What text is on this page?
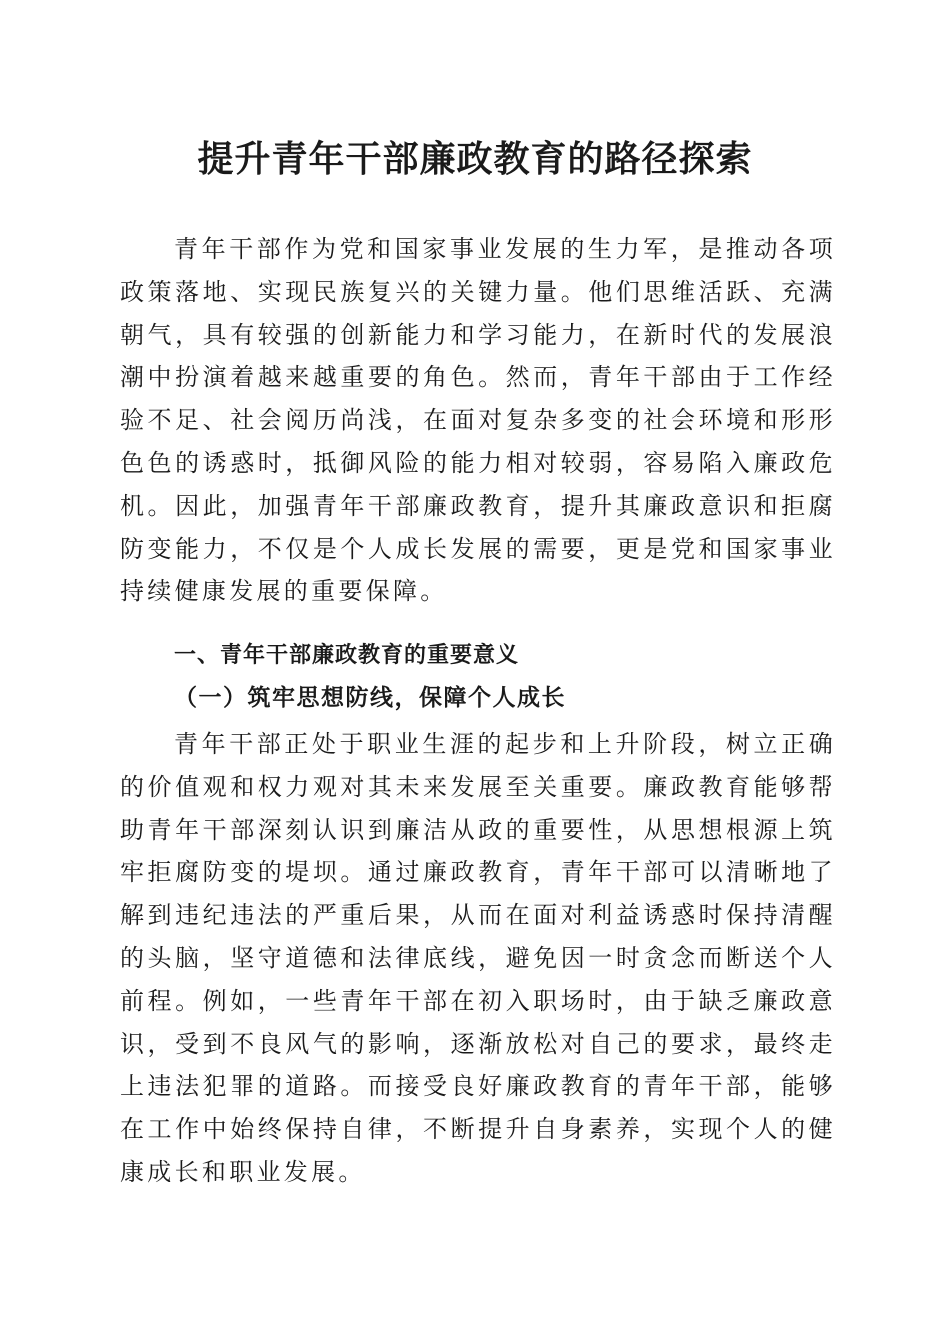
提升青年干部廉政教育的路径探索

青年干部作为党和国家事业发展的生力军，是推动各项政策落地、实现民族复兴的关键力量。他们思维活跃、充满朝气，具有较强的创新能力和学习能力，在新时代的发展浪潮中扮演着越来越重要的角色。然而，青年干部由于工作经验不足、社会阅历尚浅，在面对复杂多变的社会环境和形形色色的诱惑时，抵御风险的能力相对较弱，容易陷入廉政危机。因此，加强青年干部廉政教育，提升其廉政意识和拒腐防变能力，不仅是个人成长发展的需要，更是党和国家事业持续健康发展的重要保障。

一、青年干部廉政教育的重要意义
（一）筑牢思想防线，保障个人成长

青年干部正处于职业生涯的起步和上升阶段，树立正确的价值观和权力观对其未来发展至关重要。廉政教育能够帮助青年干部深刻认识到廉洁从政的重要性，从思想根源上筑牢拒腐防变的堤坝。通过廉政教育，青年干部可以清晰地了解到违纪违法的严重后果，从而在面对利益诱惑时保持清醒的头脑，坚守道德和法律底线，避免因一时贪念而断送个人前程。例如，一些青年干部在初入职场时，由于缺乏廉政意识，受到不良风气的影响，逐渐放松对自己的要求，最终走上违法犯罪的道路。而接受良好廉政教育的青年干部，能够在工作中始终保持自律，不断提升自身素养，实现个人的健康成长和职业发展。
